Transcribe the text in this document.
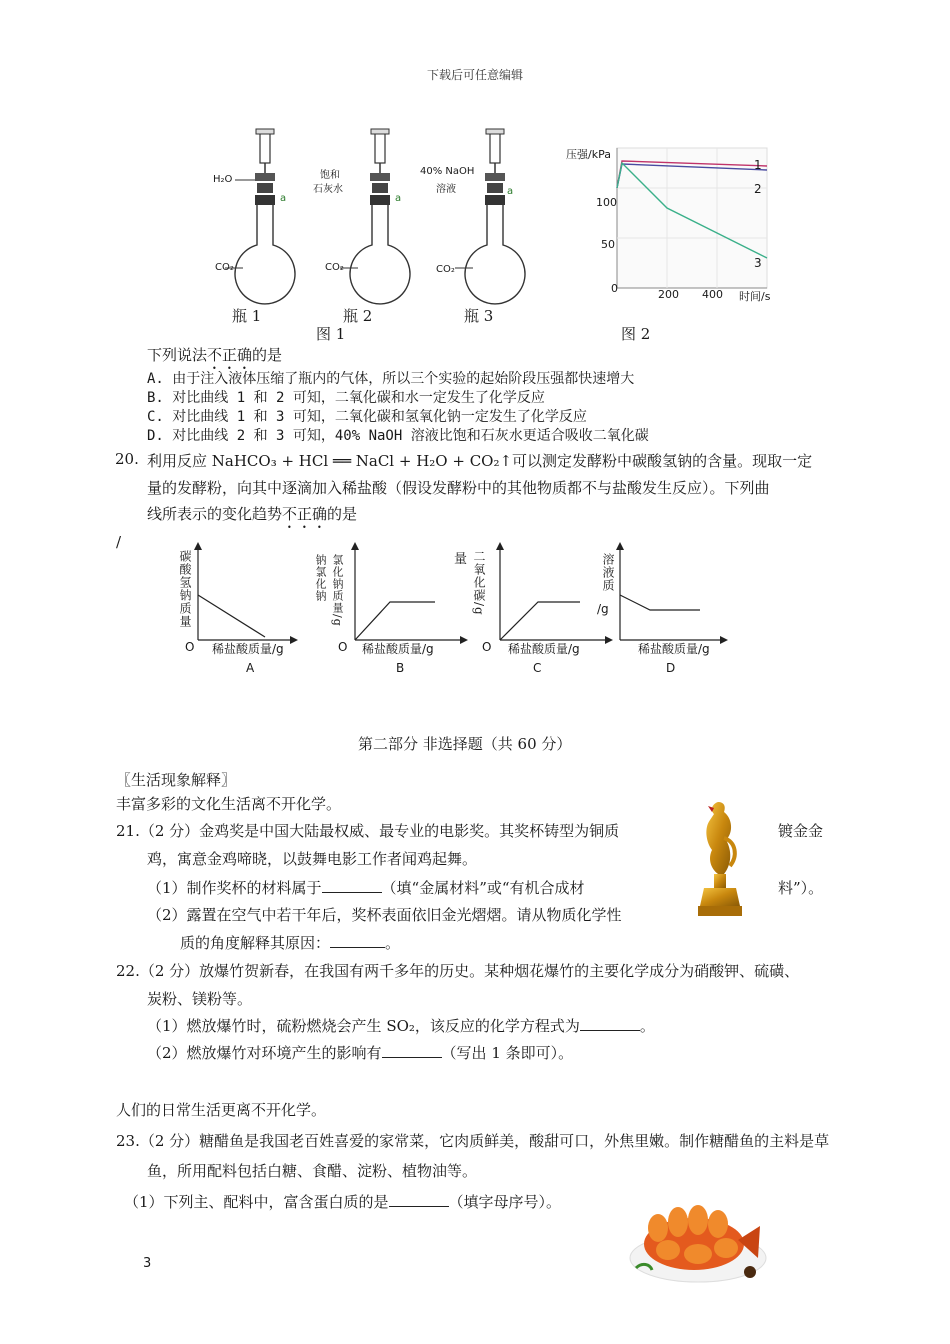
下载后可任意编辑
H₂O
a
CO₂
瓶 1
饱和
石灰水
a
CO₂
瓶 2
40% NaOH
溶液	a
CO₂
瓶 3
图 1
压强/kPa
100
50
0	200 400 时间/s
1
2
3
图 2
下列说法不正确的是
A. 由于注入液体压缩了瓶内的气体，所以三个实验的起始阶段压强都快速增大
B. 对比曲线 1 和 2 可知，二氧化碳和水一定发生了化学反应
C. 对比曲线 1 和 3 可知，二氧化碳和氢氧化钠一定发生了化学反应
D. 对比曲线 2 和 3 可知，40% NaOH 溶液比饱和石灰水更适合吸收二氧化碳
20. 利用反应 NaHCO₃ + HCl ══ NaCl + H₂O + CO₂↑可以测定发酵粉中碳酸氢钠的含量。现取一定
量的发酵粉，向其中逐滴加入稀盐酸（假设发酵粉中的其他物质都不与盐酸发生反应）。下列曲
线所表示的变化趋势不正确的是
/
碳酸氢钠质量
O 稀盐酸质量/g
A
钠氯化钠 氯化钠质量/g
O 稀盐酸质量/g
B
量 二氧化碳/g
O 稀盐酸质量/g
C
溶液质
/g
稀盐酸质量/g
D
第二部分 非选择题（共 60 分）
〖生活现象解释〗
丰富多彩的文化生活离不开化学。
21.（2 分）金鸡奖是中国大陆最权威、最专业的电影奖。其奖杯铸型为铜质	镀金金
鸡，寓意金鸡啼晓，以鼓舞电影工作者闻鸡起舞。
（1）制作奖杯的材料属于	（填“金属材料”或“有机合成材	料”）。
（2）露置在空气中若干年后，奖杯表面依旧金光熠熠。请从物质化学性
质的角度解释其原因：	。
22.（2 分）放爆竹贺新春，在我国有两千多年的历史。某种烟花爆竹的主要化学成分为硝酸钾、硫磺、
炭粉、镁粉等。
（1）燃放爆竹时，硫粉燃烧会产生 SO₂，该反应的化学方程式为	。
（2）燃放爆竹对环境产生的影响有	（写出 1 条即可）。
人们的日常生活更离不开化学。
23.（2 分）糖醋鱼是我国老百姓喜爱的家常菜，它肉质鲜美，酸甜可口，外焦里嫩。制作糖醋鱼的主料是草
鱼，所用配料包括白糖、食醋、淀粉、植物油等。
（1）下列主、配料中，富含蛋白质的是	（填字母序号）。
3
